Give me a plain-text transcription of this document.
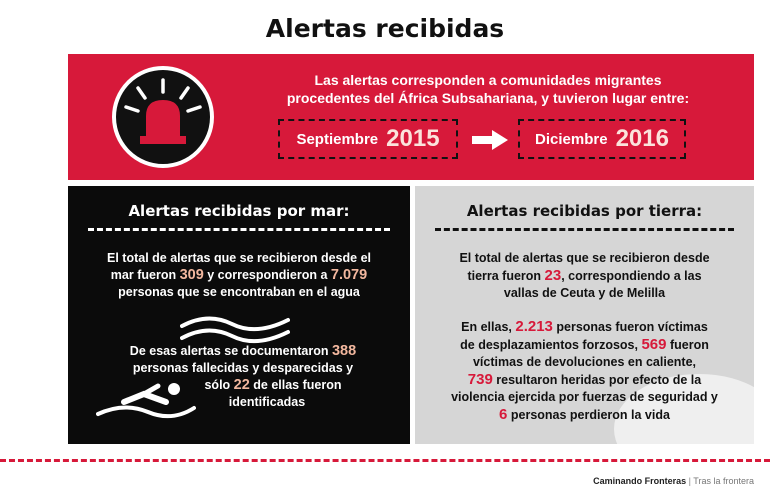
Alertas recibidas
Las alertas corresponden a comunidades migrantes
procedentes del África Subsahariana, y tuvieron lugar entre:
Septiembre 2015	Diciembre 2016
Alertas recibidas por mar:
El total de alertas que se recibieron desde el
mar fueron 309 y correspondieron a 7.079
personas que se encontraban en el agua
De esas alertas se documentaron 388
personas fallecidas y desparecidas y
sólo 22 de ellas fueron
identificadas
Alertas recibidas por tierra:
El total de alertas que se recibieron desde
tierra fueron 23, correspondiendo a las
vallas de Ceuta y de Melilla
En ellas, 2.213 personas fueron víctimas
de desplazamientos forzosos, 569 fueron
víctimas de devoluciones en caliente,
739 resultaron heridas por efecto de la
violencia ejercida por fuerzas de seguridad y
6 personas perdieron la vida
Caminando Fronteras | Tras la frontera
